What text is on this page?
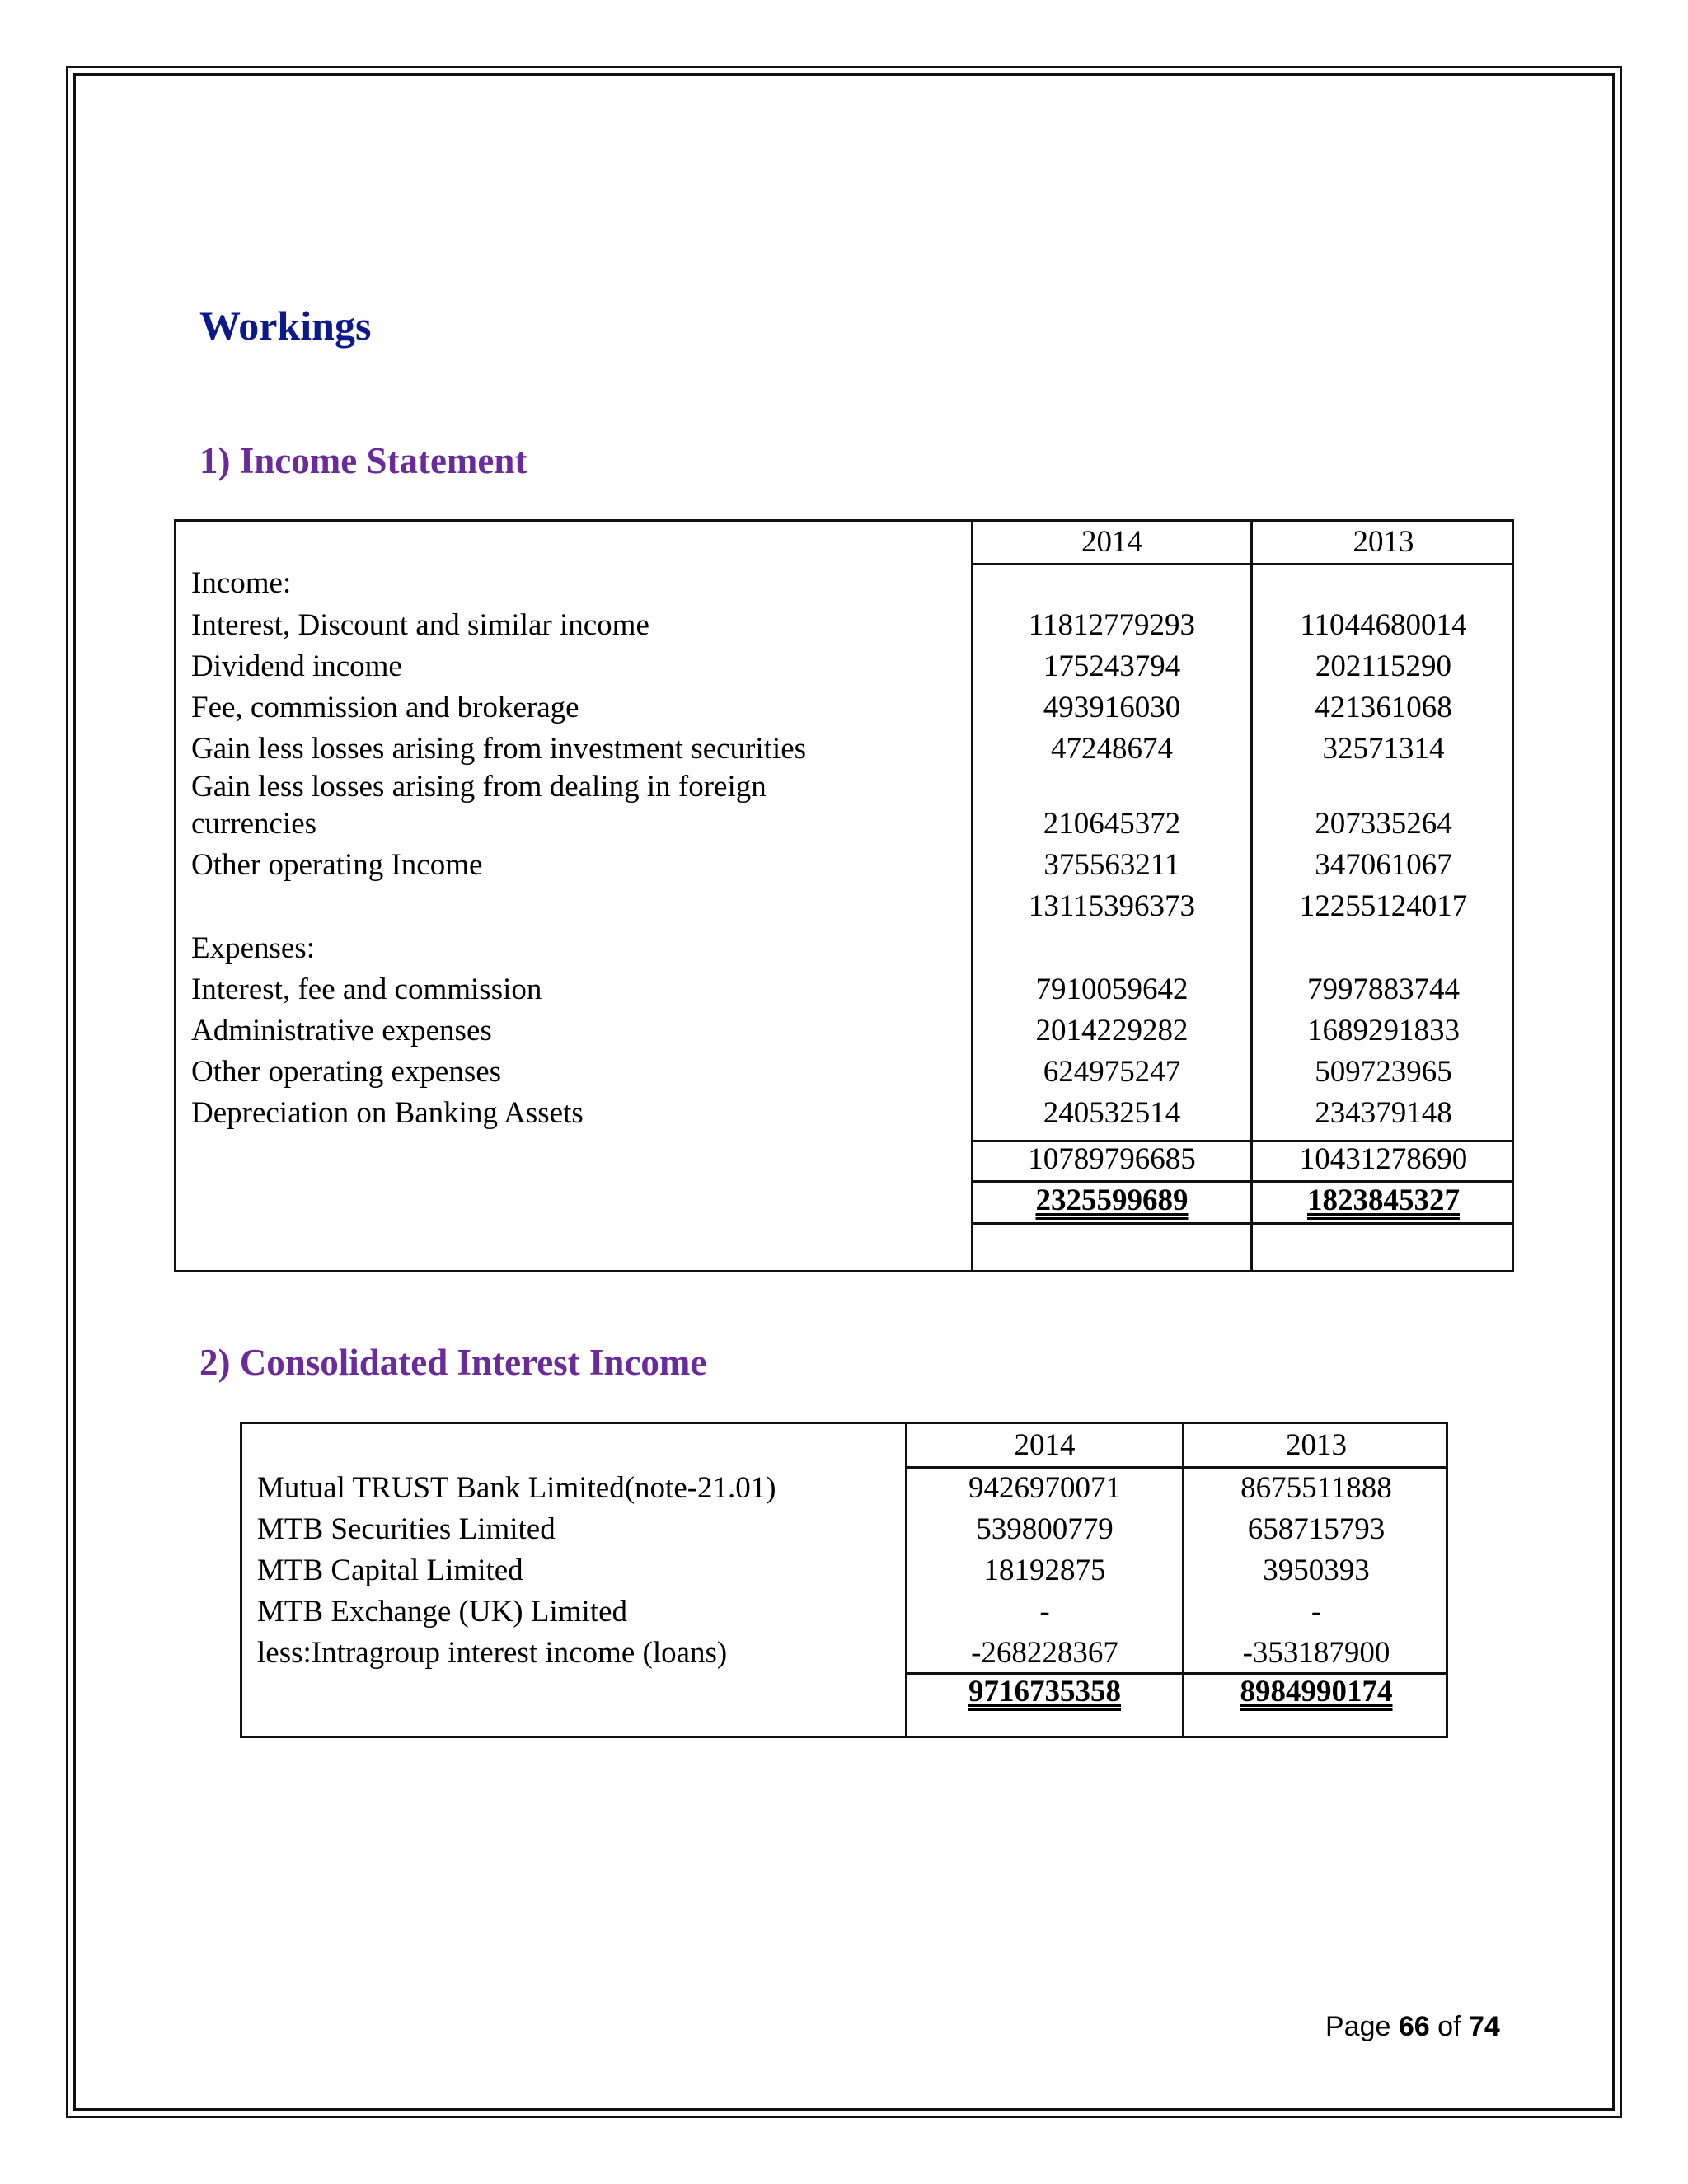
Workings
1) Income Statement
2014	2013
Income:
Interest, Discount and similar income	11812779293	11044680014
Dividend income	175243794	202115290
Fee, commission and brokerage	493916030	421361068
Gain less losses arising from investment securities	47248674	32571314
Gain less losses arising from dealing in foreign
currencies	210645372	207335264
Other operating Income	375563211	347061067
13115396373	12255124017
Expenses:
Interest, fee and commission	7910059642	7997883744
Administrative expenses	2014229282	1689291833
Other operating expenses	624975247	509723965
Depreciation on Banking Assets	240532514	234379148
10789796685	10431278690
2325599689	1823845327
2) Consolidated Interest Income
2014	2013
Mutual TRUST Bank Limited(note-21.01)	9426970071	8675511888
MTB Securities Limited	539800779	658715793
MTB Capital Limited	18192875	3950393
MTB Exchange (UK) Limited	-	-
less:Intragroup interest income (loans)	-268228367	-353187900
9716735358	8984990174
Page 66 of 74
